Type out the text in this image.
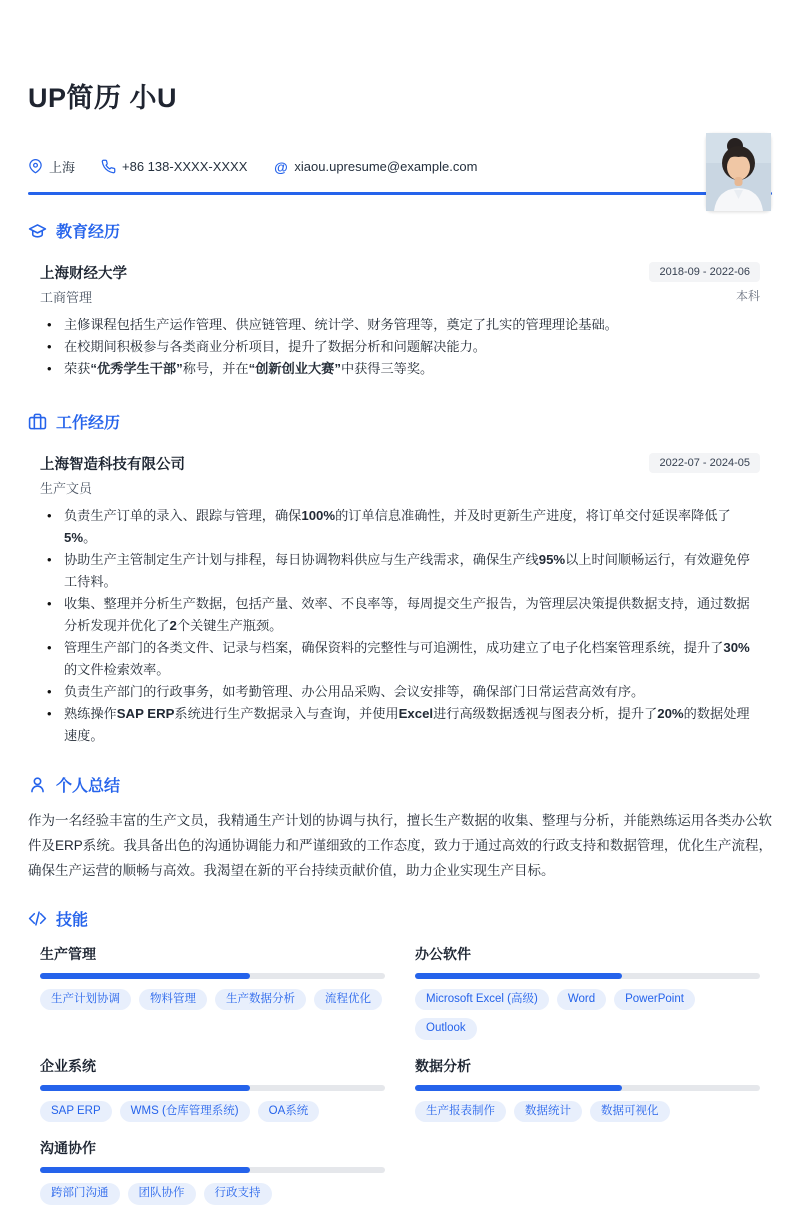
UP简历 小U
上海	+86 138-XXXX-XXXX @ xiaou.upresume@example.com
教育经历
上海财经大学	2018-09 - 2022-06
工商管理	本科
• 主修课程包括生产运作管理、供应链管理、统计学、财务管理等，奠定了扎实的管理理论基础。
• 在校期间积极参与各类商业分析项目，提升了数据分析和问题解决能力。
• 荣获“优秀学生干部”称号，并在“创新创业大赛”中获得三等奖。
工作经历
上海智造科技有限公司	2022-07 - 2024-05
生产文员
• 负责生产订单的录入、跟踪与管理，确保100%的订单信息准确性，并及时更新生产进度，将订单交付延误率降低了5%。
• 协助生产主管制定生产计划与排程，每日协调物料供应与生产线需求，确保生产线95%以上时间顺畅运行，有效避免停工待料。
• 收集、整理并分析生产数据，包括产量、效率、不良率等，每周提交生产报告，为管理层决策提供数据支持，通过数据分析发现并优化了2个关键生产瓶颈。
• 管理生产部门的各类文件、记录与档案，确保资料的完整性与可追溯性，成功建立了电子化档案管理系统，提升了30%的文件检索效率。
• 负责生产部门的行政事务，如考勤管理、办公用品采购、会议安排等，确保部门日常运营高效有序。
• 熟练操作SAP ERP系统进行生产数据录入与查询，并使用Excel进行高级数据透视与图表分析，提升了20%的数据处理速度。
个人总结

作为一名经验丰富的生产文员，我精通生产计划的协调与执行，擅长生产数据的收集、整理与分析，并能熟练运用各类办公软件及ERP系统。我具备出色的沟通协调能力和严谨细致的工作态度，致力于通过高效的行政支持和数据管理，优化生产流程，确保生产运营的顺畅与高效。我渴望在新的平台持续贡献价值，助力企业实现生产目标。

技能
生产管理
生产计划协调	物料管理	生产数据分析	流程优化
办公软件
Microsoft Excel (高级)	Word	PowerPoint
Outlook
企业系统
SAP ERP	WMS (仓库管理系统)	OA系统
数据分析
生产报表制作	数据统计	数据可视化
沟通协作
跨部门沟通	团队协作	行政支持
